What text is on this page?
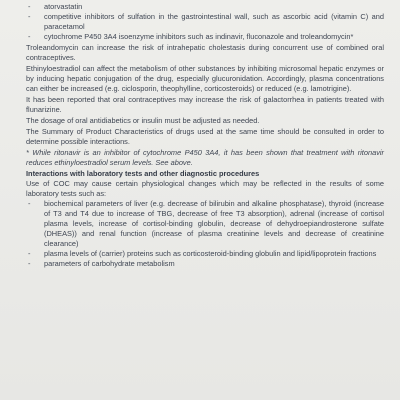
- atorvastatin
- competitive inhibitors of sulfation in the gastrointestinal wall, such as ascorbic acid (vitamin C) and paracetamol
- cytochrome P450 3A4 isoenzyme inhibitors such as indinavir, fluconazole and troleandomycin*

Troleandomycin can increase the risk of intrahepatic cholestasis during concurrent use of combined oral contraceptives.

Ethinyloestradiol can affect the metabolism of other substances by inhibiting microsomal hepatic enzymes or by inducing hepatic conjugation of the drug, especially glucuronidation. Accordingly, plasma concentrations can either be increased (e.g. ciclosporin, theophylline, corticosteroids) or reduced (e.g. lamotrigine).

It has been reported that oral contraceptives may increase the risk of galactorrhea in patients treated with flunarizine.

The dosage of oral antidiabetics or insulin must be adjusted as needed.

The Summary of Product Characteristics of drugs used at the same time should be consulted in order to determine possible interactions.

* While ritonavir is an inhibitor of cytochrome P450 3A4, it has been shown that treatment with ritonavir reduces ethinyloestradiol serum levels. See above.

Interactions with laboratory tests and other diagnostic procedures

Use of COC may cause certain physiological changes which may be reflected in the results of some laboratory tests such as:

- biochemical parameters of liver (e.g. decrease of bilirubin and alkaline phosphatase), thyroid (increase of T3 and T4 due to increase of TBG, decrease of free T3 absorption), adrenal (increase of cortisol plasma levels, increase of cortisol-binding globulin, decrease of dehydroepiandrosterone sulfate (DHEAS)) and renal function (increase of plasma creatinine levels and decrease of creatinine clearance)
- plasma levels of (carrier) proteins such as corticosteroid-binding globulin and lipid/lipoprotein fractions
- parameters of carbohydrate metabolism
